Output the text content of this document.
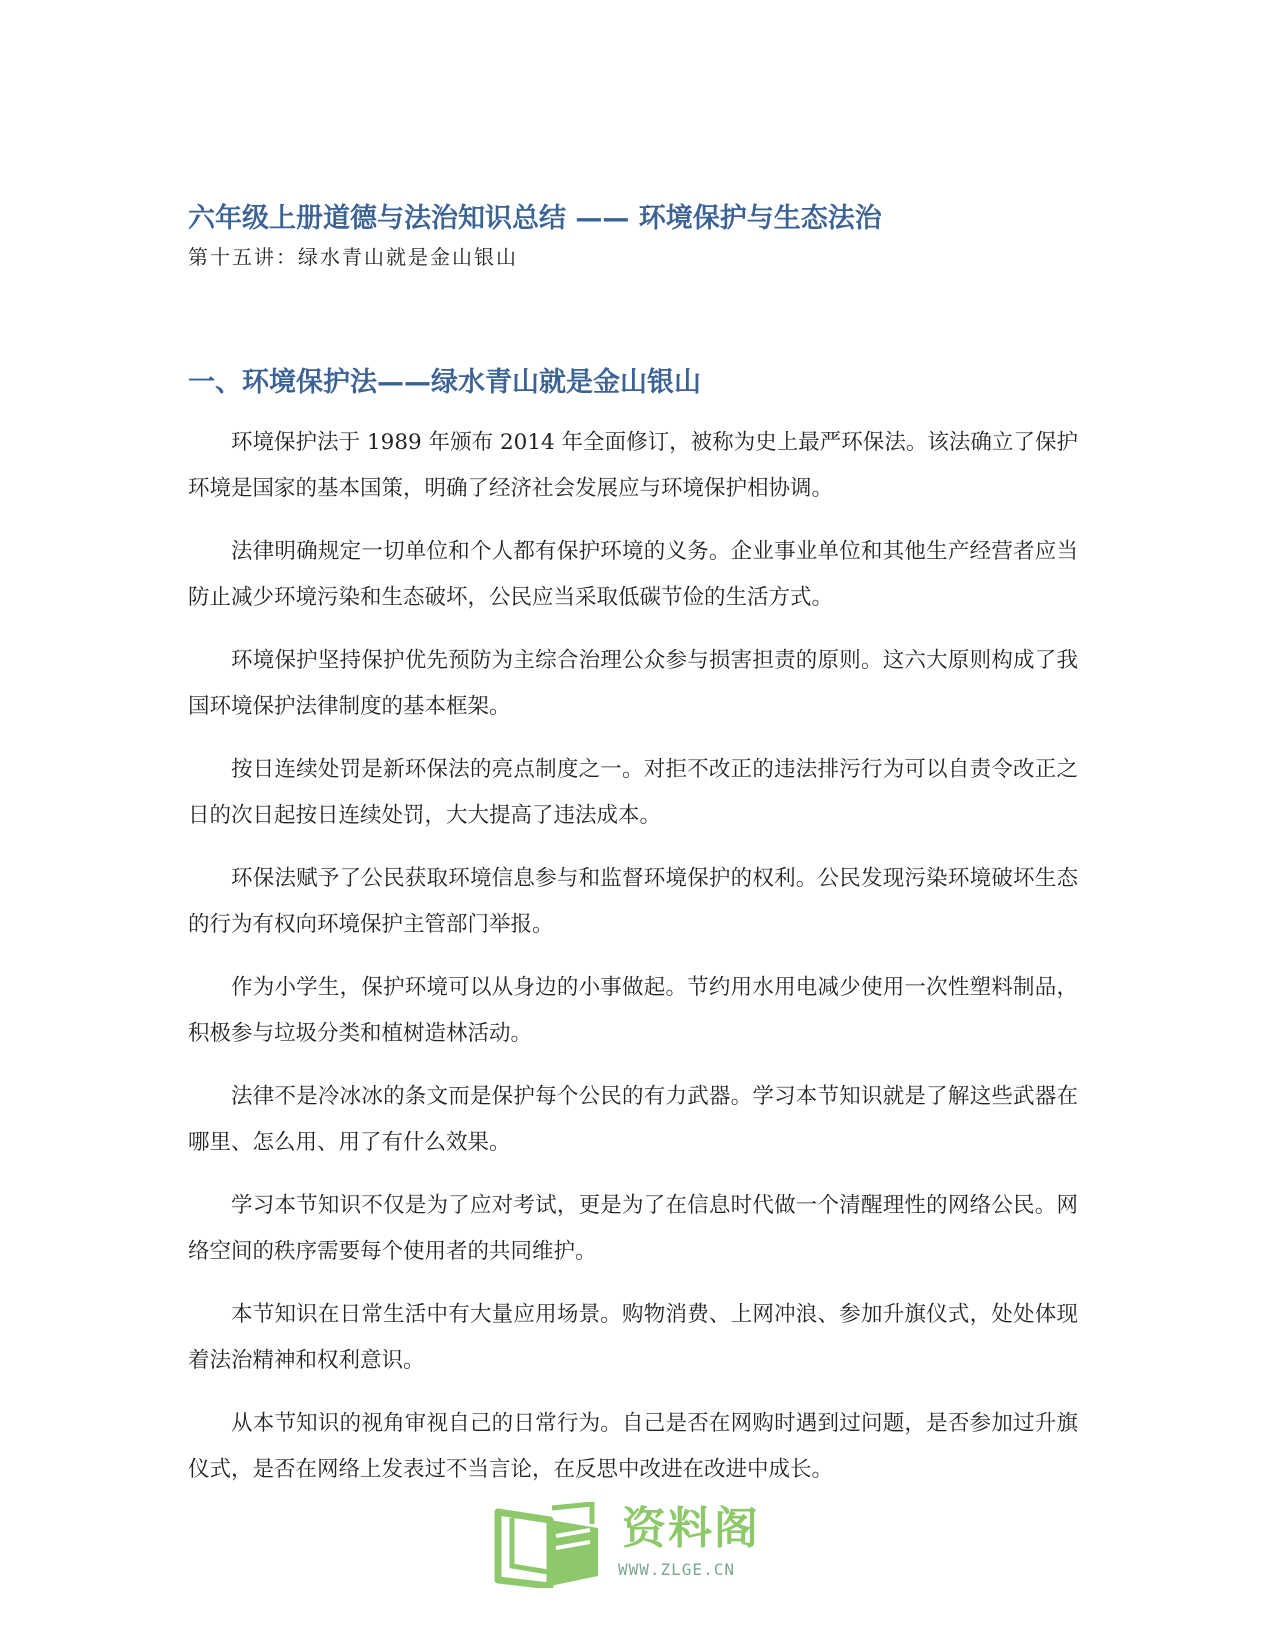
六年级上册道德与法治知识总结 —— 环境保护与生态法治
第十五讲：绿水青山就是金山银山
一、环境保护法——绿水青山就是金山银山

环境保护法于 1989 年颁布 2014 年全面修订，被称为史上最严环保法。该法确立了保护环境是国家的基本国策，明确了经济社会发展应与环境保护相协调。

法律明确规定一切单位和个人都有保护环境的义务。企业事业单位和其他生产经营者应当防止减少环境污染和生态破坏，公民应当采取低碳节俭的生活方式。

环境保护坚持保护优先预防为主综合治理公众参与损害担责的原则。这六大原则构成了我国环境保护法律制度的基本框架。

按日连续处罚是新环保法的亮点制度之一。对拒不改正的违法排污行为可以自责令改正之日的次日起按日连续处罚，大大提高了违法成本。

环保法赋予了公民获取环境信息参与和监督环境保护的权利。公民发现污染环境破坏生态的行为有权向环境保护主管部门举报。

作为小学生，保护环境可以从身边的小事做起。节约用水用电减少使用一次性塑料制品，积极参与垃圾分类和植树造林活动。

法律不是冷冰冰的条文而是保护每个公民的有力武器。学习本节知识就是了解这些武器在哪里、怎么用、用了有什么效果。

学习本节知识不仅是为了应对考试，更是为了在信息时代做一个清醒理性的网络公民。网络空间的秩序需要每个使用者的共同维护。

本节知识在日常生活中有大量应用场景。购物消费、上网冲浪、参加升旗仪式，处处体现着法治精神和权利意识。

从本节知识的视角审视自己的日常行为。自己是否在网购时遇到过问题，是否参加过升旗仪式，是否在网络上发表过不当言论，在反思中改进在改进中成长。

资料阁
WWW.ZLGE.CN
